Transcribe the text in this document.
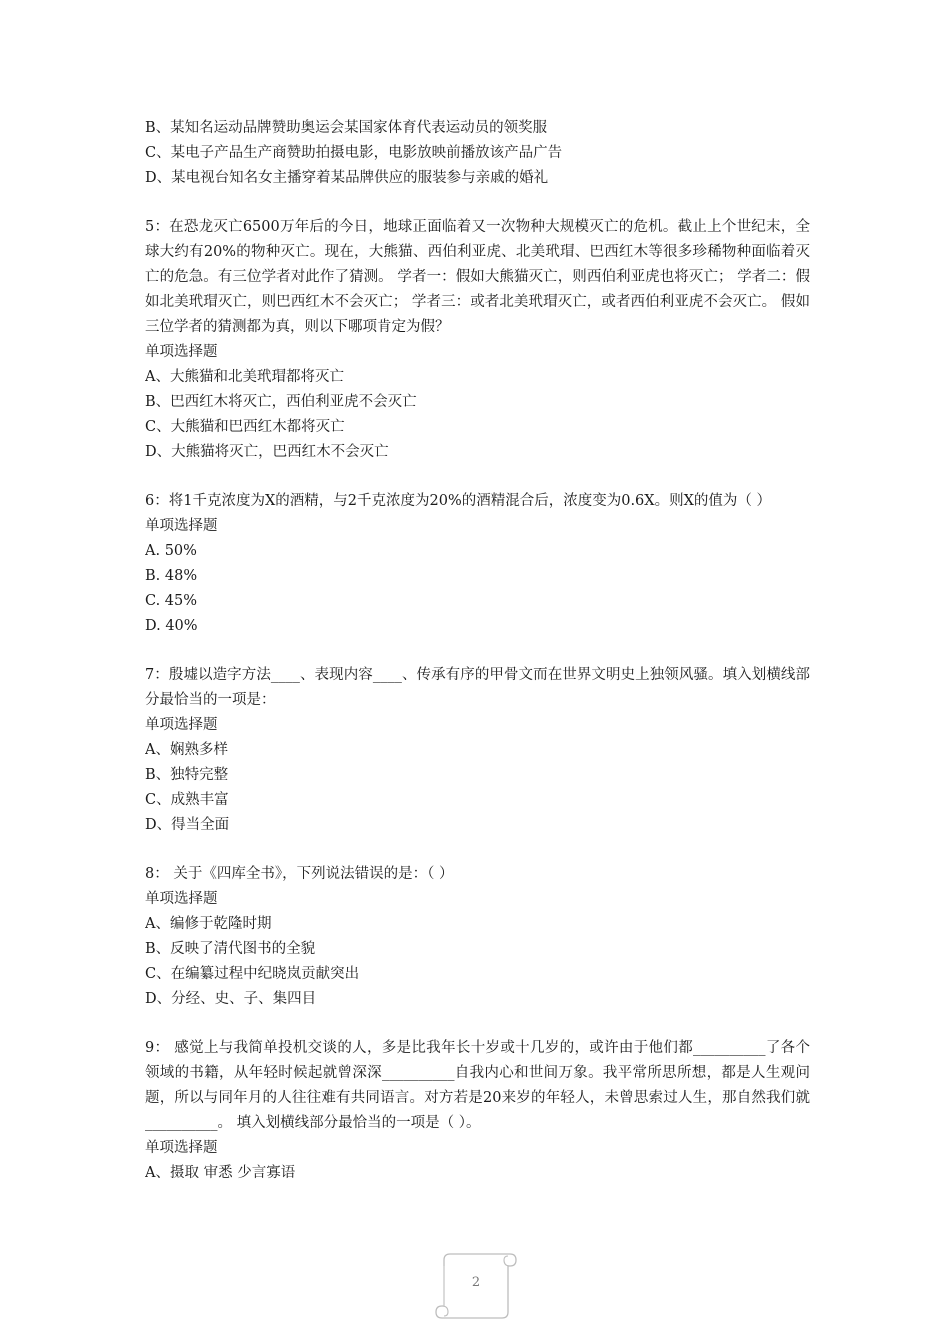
B、某知名运动品牌赞助奥运会某国家体育代表运动员的领奖服
C、某电子产品生产商赞助拍摄电影，电影放映前播放该产品广告
D、某电视台知名女主播穿着某品牌供应的服装参与亲戚的婚礼
5：在恐龙灭亡6500万年后的今日，地球正面临着又一次物种大规模灭亡的危机。截止上个世纪末，全球大约有20%的物种灭亡。现在，大熊猫、西伯利亚虎、北美玳瑁、巴西红木等很多珍稀物种面临着灭亡的危急。有三位学者对此作了猜测。 学者一：假如大熊猫灭亡，则西伯利亚虎也将灭亡； 学者二：假如北美玳瑁灭亡，则巴西红木不会灭亡； 学者三：或者北美玳瑁灭亡，或者西伯利亚虎不会灭亡。 假如三位学者的猜测都为真，则以下哪项肯定为假？
单项选择题
A、大熊猫和北美玳瑁都将灭亡
B、巴西红木将灭亡，西伯利亚虎不会灭亡
C、大熊猫和巴西红木都将灭亡
D、大熊猫将灭亡，巴西红木不会灭亡
6：将1千克浓度为X的酒精，与2千克浓度为20%的酒精混合后，浓度变为0.6X。则X的值为（ ）
单项选择题
A. 50%
B. 48%
C. 45%
D. 40%
7：殷墟以造字方法____、表现内容____、传承有序的甲骨文而在世界文明史上独领风骚。填入划横线部分最恰当的一项是：
单项选择题
A、娴熟多样
B、独特完整
C、成熟丰富
D、得当全面
8： 关于《四库全书》，下列说法错误的是：（ ）
单项选择题
A、编修于乾隆时期
B、反映了清代图书的全貌
C、在编纂过程中纪晓岚贡献突出
D、分经、史、子、集四目
9： 感觉上与我简单投机交谈的人，多是比我年长十岁或十几岁的，或许由于他们都__________了各个领域的书籍，从年轻时候起就曾深深__________自我内心和世间万象。我平常所思所想，都是人生观问题，所以与同年月的人往往难有共同语言。对方若是20来岁的年轻人，未曾思索过人生，那自然我们就__________。 填入划横线部分最恰当的一项是（ ）。
单项选择题
A、摄取 审悉 少言寡语
2
